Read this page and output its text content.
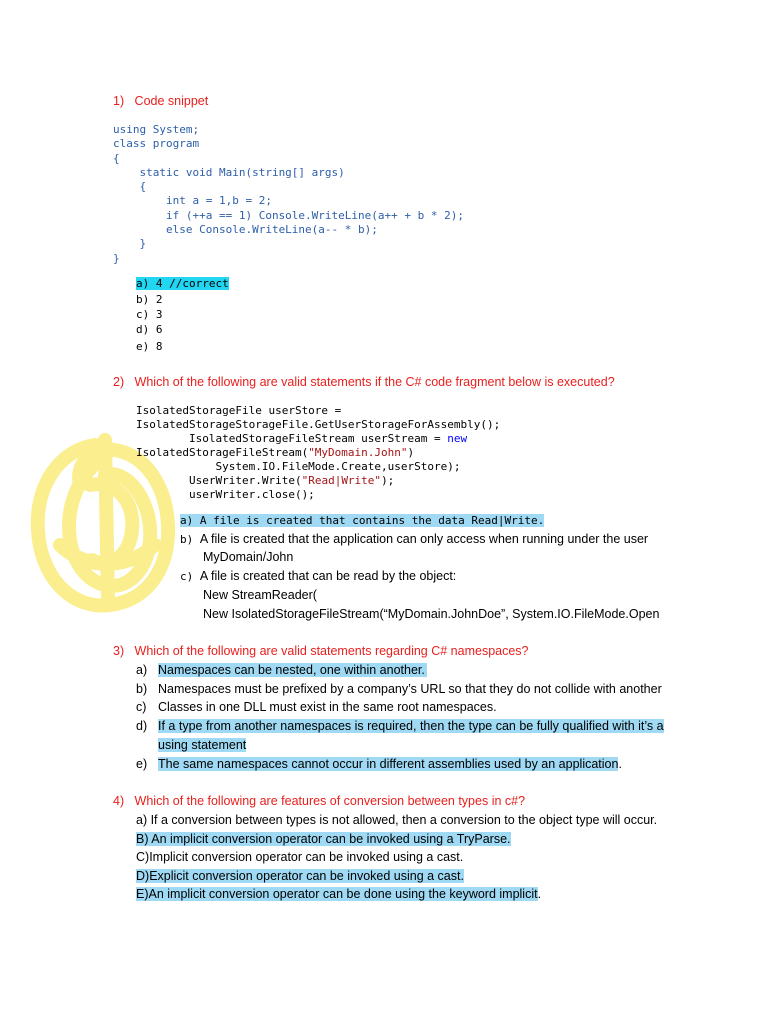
1) Code snippet
using System;
class program
{
static void Main(string[] args)
{
int a = 1,b = 2;
if (++a == 1) Console.WriteLine(a++ + b * 2);
else Console.WriteLine(a-- * b);
}
}
a) 4 //correct
b) 2
c) 3
d) 6
e) 8
2) Which of the following are valid statements if the C# code fragment below is executed?
IsolatedStorageFile userStore =
IsolatedStorageStorageFile.GetUserStorageForAssembly();
IsolatedStorageFileStream userStream = new
IsolatedStorageFileStream("MyDomain.John")
System.IO.FileMode.Create,userStore);
UserWriter.Write("Read|Write");
userWriter.close();
a) A file is created that contains the data Read|Write.
b) A file is created that the application can only access when running under the user
MyDomain/John
c) A file is created that can be read by the object:
New StreamReader(
New IsolatedStorageFileStream(“MyDomain.JohnDoe”, System.IO.FileMode.Open
3) Which of the following are valid statements regarding C# namespaces?
a) Namespaces can be nested, one within another.
b) Namespaces must be prefixed by a company’s URL so that they do not collide with another
c) Classes in one DLL must exist in the same root namespaces.
d) If a type from another namespaces is required, then the type can be fully qualified with it’s a
using statement
e) The same namespaces cannot occur in different assemblies used by an application.
4) Which of the following are features of conversion between types in c#?
a) If a conversion between types is not allowed, then a conversion to the object type will occur.
B) An implicit conversion operator can be invoked using a TryParse.
C)Implicit conversion operator can be invoked using a cast.
D)Explicit conversion operator can be invoked using a cast.
E)An implicit conversion operator can be done using the keyword implicit.
